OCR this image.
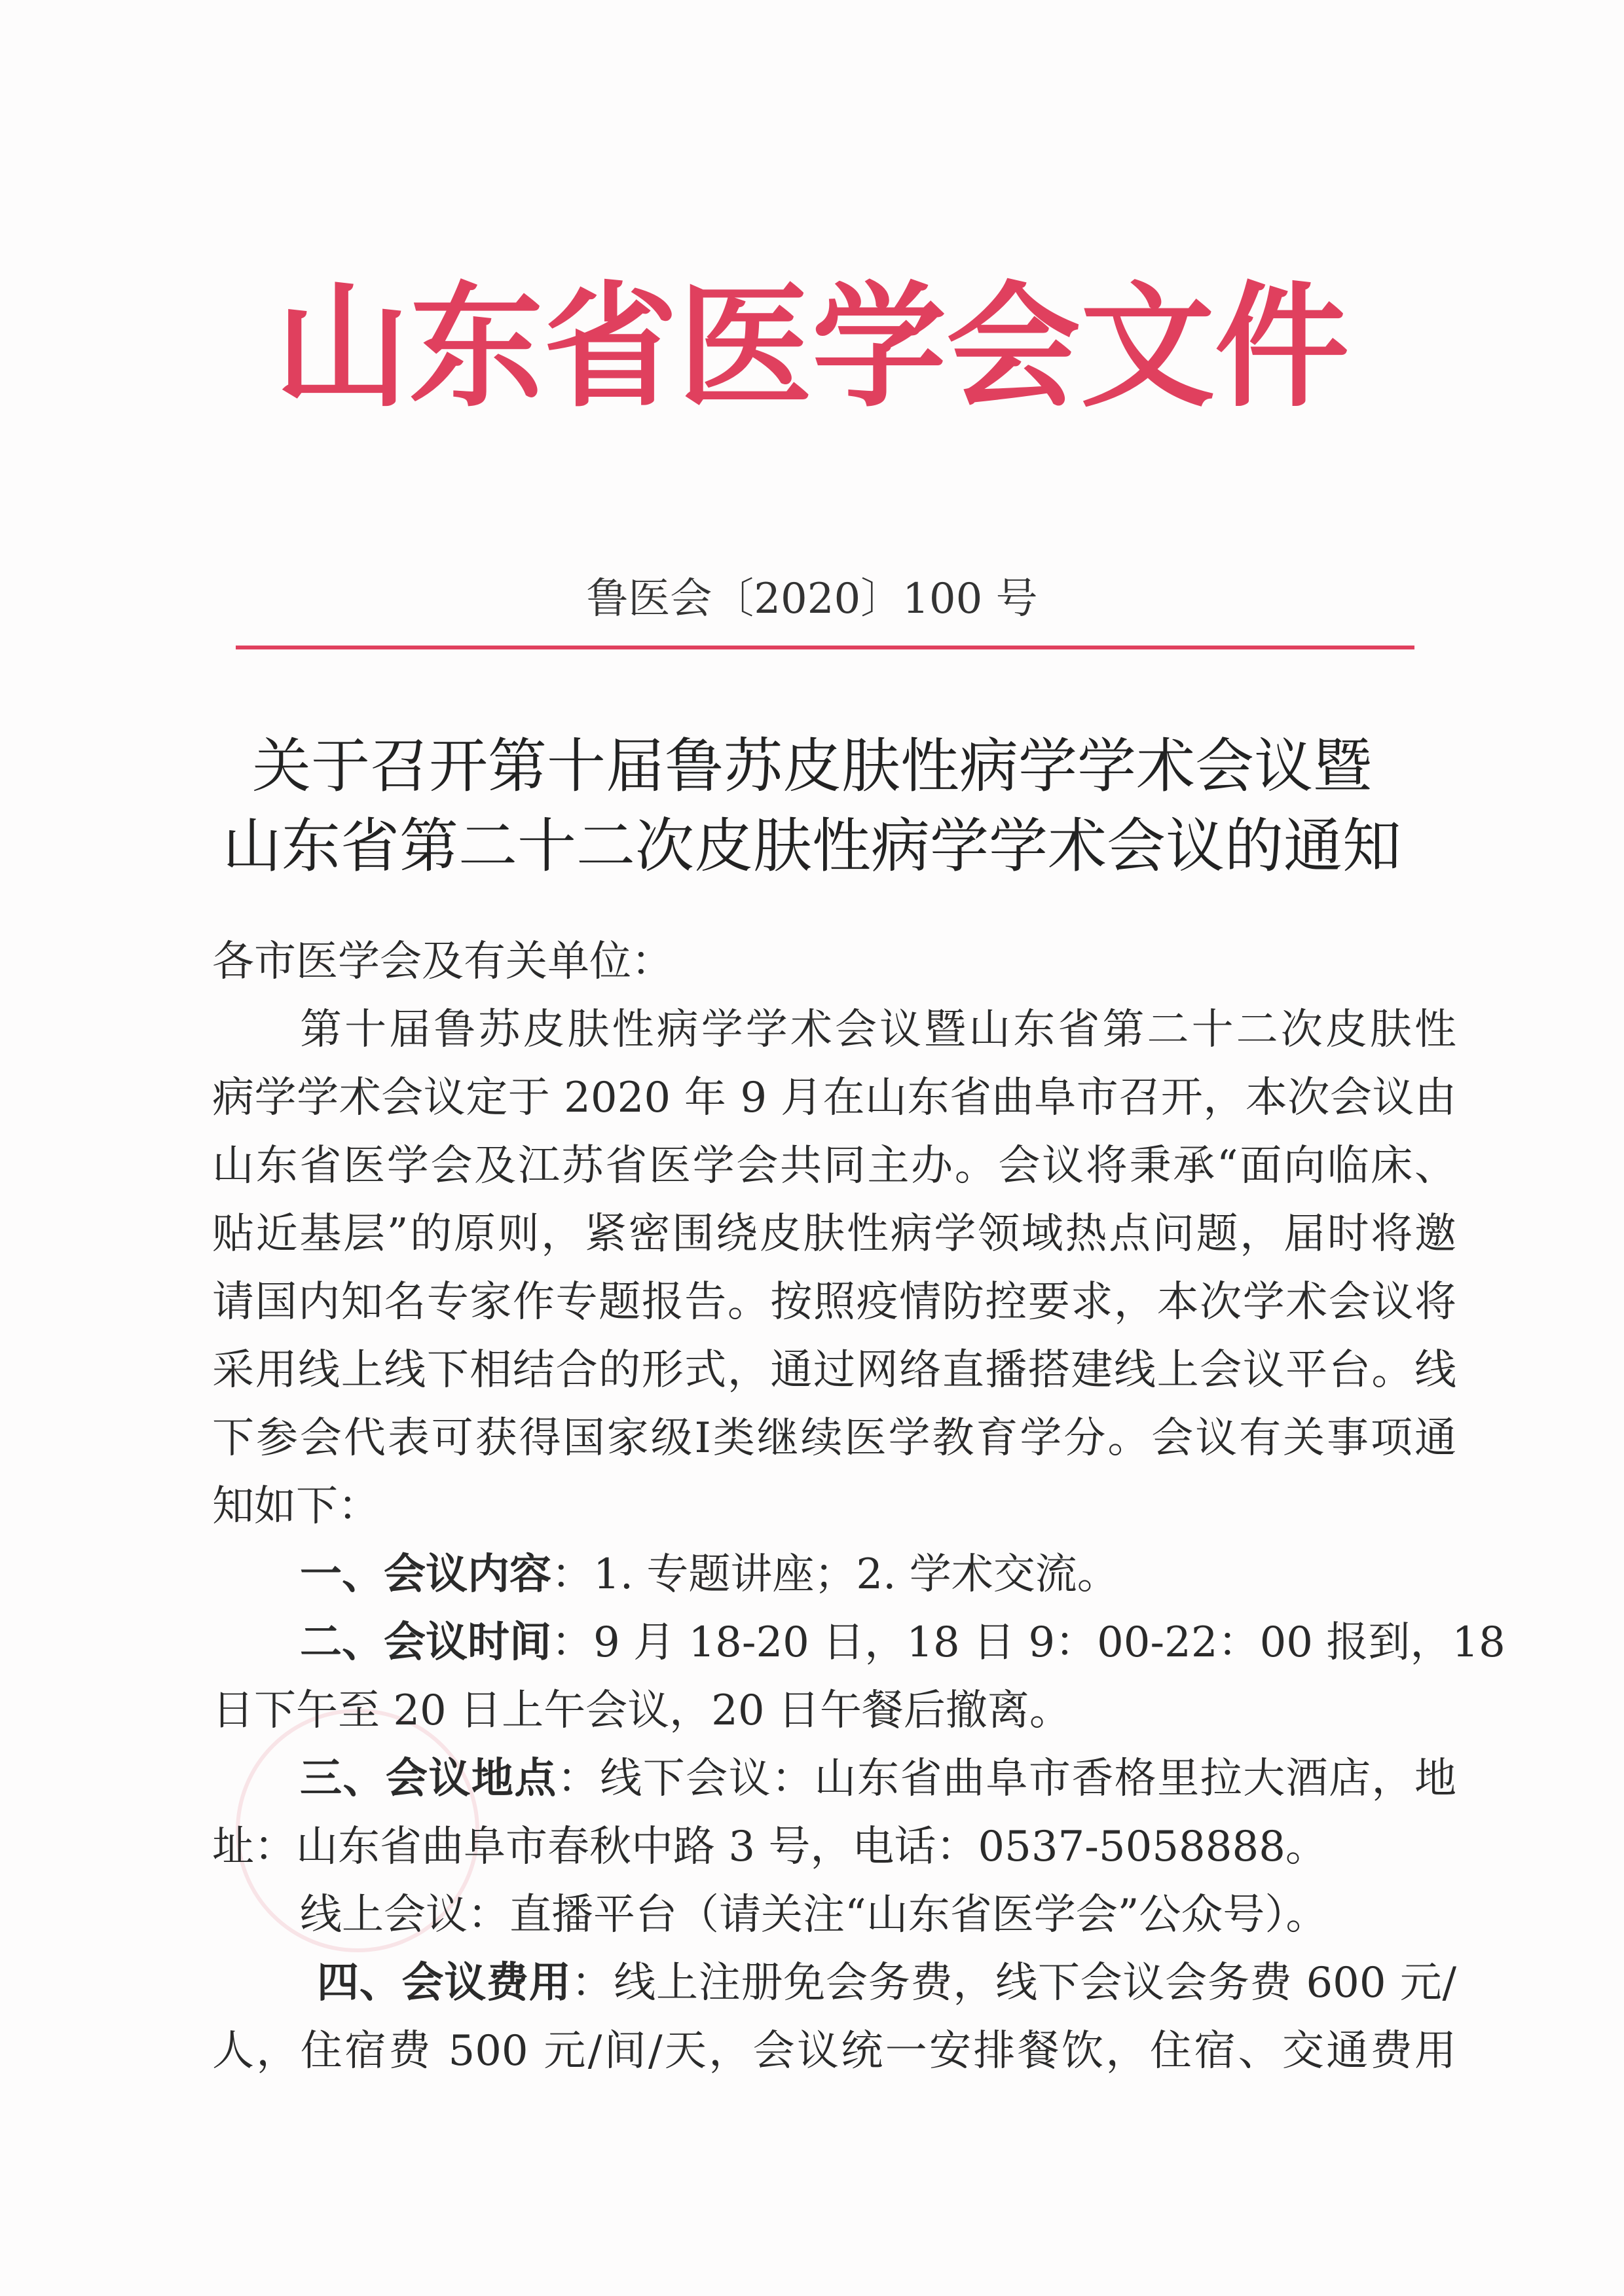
山东省医学会文件
鲁医会〔2020〕100 号
关于召开第十届鲁苏皮肤性病学学术会议暨
山东省第二十二次皮肤性病学学术会议的通知
各市医学会及有关单位：
第十届鲁苏皮肤性病学学术会议暨山东省第二十二次皮肤性
病学学术会议定于 2020 年 9 月在山东省曲阜市召开，本次会议由
山东省医学会及江苏省医学会共同主办。会议将秉承“面向临床、
贴近基层”的原则，紧密围绕皮肤性病学领域热点问题，届时将邀
请国内知名专家作专题报告。按照疫情防控要求，本次学术会议将
采用线上线下相结合的形式，通过网络直播搭建线上会议平台。线
下参会代表可获得国家级Ⅰ类继续医学教育学分。会议有关事项通
知如下：
一、会议内容：1. 专题讲座；2. 学术交流。
二、会议时间：9 月 18-20 日，18 日 9：00-22：00 报到，18
日下午至 20 日上午会议，20 日午餐后撤离。
三、会议地点：线下会议：山东省曲阜市香格里拉大酒店，地
址：山东省曲阜市春秋中路 3 号，电话：0537-5058888。
线上会议：直播平台（请关注“山东省医学会”公众号）。
四、会议费用：线上注册免会务费，线下会议会务费 600 元/
人，住宿费 500 元/间/天，会议统一安排餐饮，住宿、交通费用
